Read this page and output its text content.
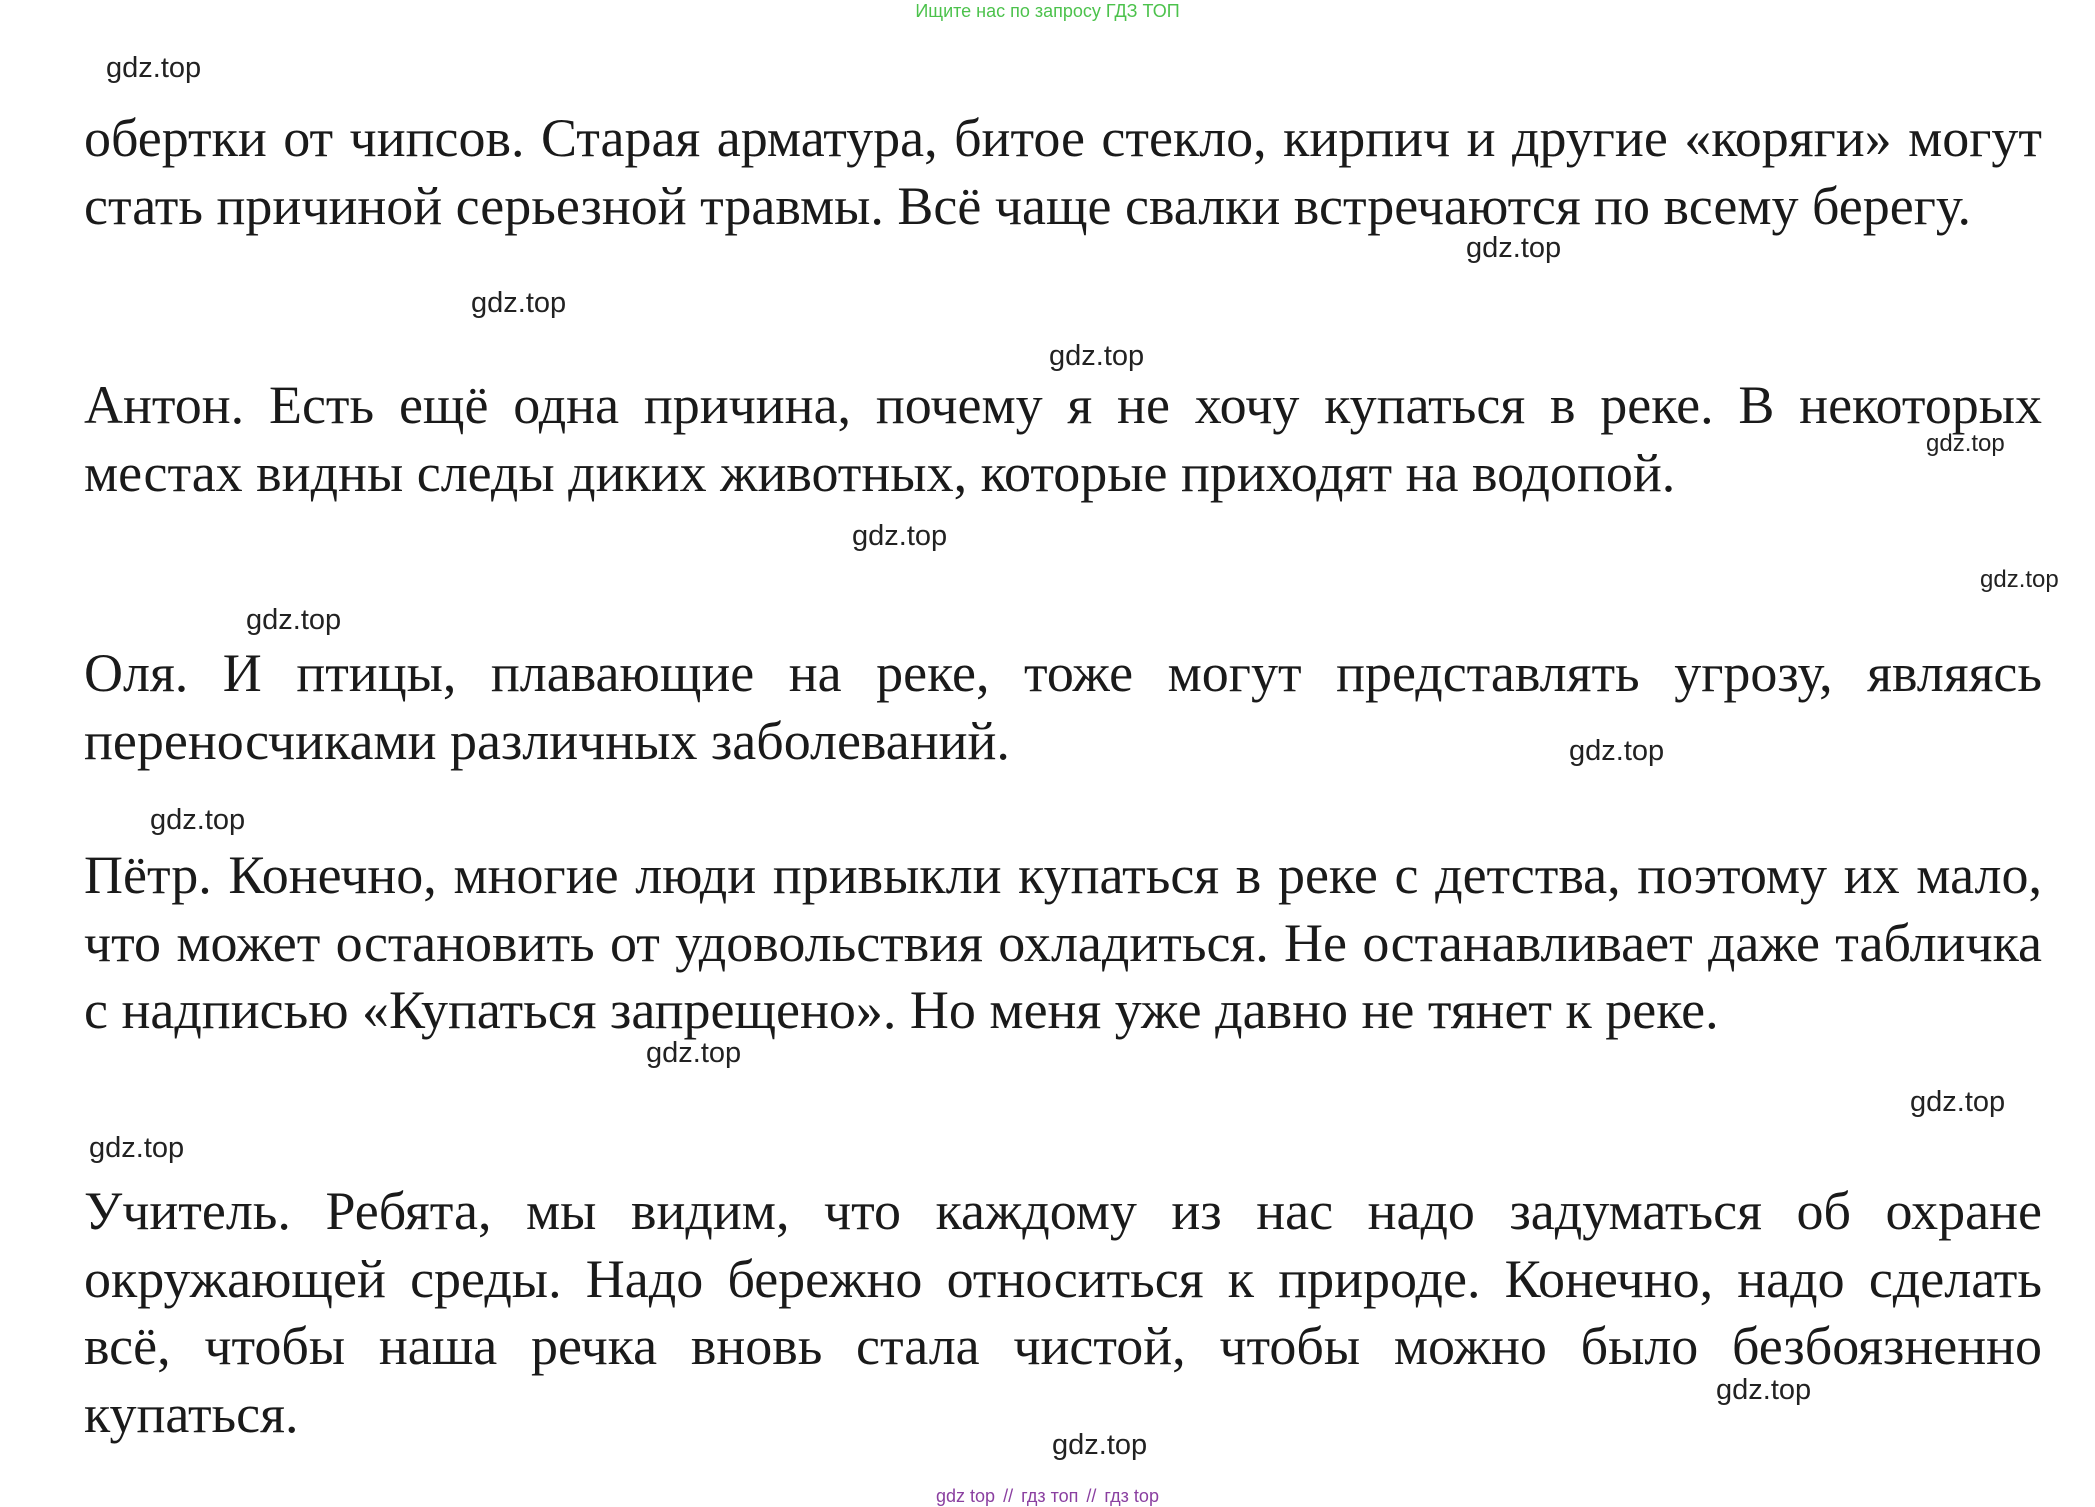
Ищите нас по запросу ГДЗ ТОП
gdz.top

обертки от чипсов. Старая арматура, битое стекло, кирпич и другие «коряги» могут стать причиной серьезной травмы. Всё чаще свалки встречаются по всему берегу.

gdz.top
gdz.top
gdz.top

Антон. Есть ещё одна причина, почему я не хочу купаться в реке. В некоторых местах видны следы диких животных, которые приходят на водопой.	gdz.top
gdz.top
gdz.top
gdz.top

Оля. И птицы, плавающие на реке, тоже могут представлять угрозу, являясь переносчиками различных заболеваний.	gdz.top
gdz.top

Пётр. Конечно, многие люди привыкли купаться в реке с детства, поэтому их мало, что может остановить от удовольствия охладиться. Не останавливает даже табличка с надписью «Купаться запрещено». Но меня уже давно не тянет к реке.

gdz.top
gdz.top
gdz.top

Учитель. Ребята, мы видим, что каждому из нас надо задуматься об охране окружающей среды. Надо бережно относиться к природе. Конечно, надо сделать всё, чтобы наша речка вновь стала чистой, чтобы можно было безбоязненно купаться.	gdz.top
gdz.top
gdz top // гдз топ // гдз top
